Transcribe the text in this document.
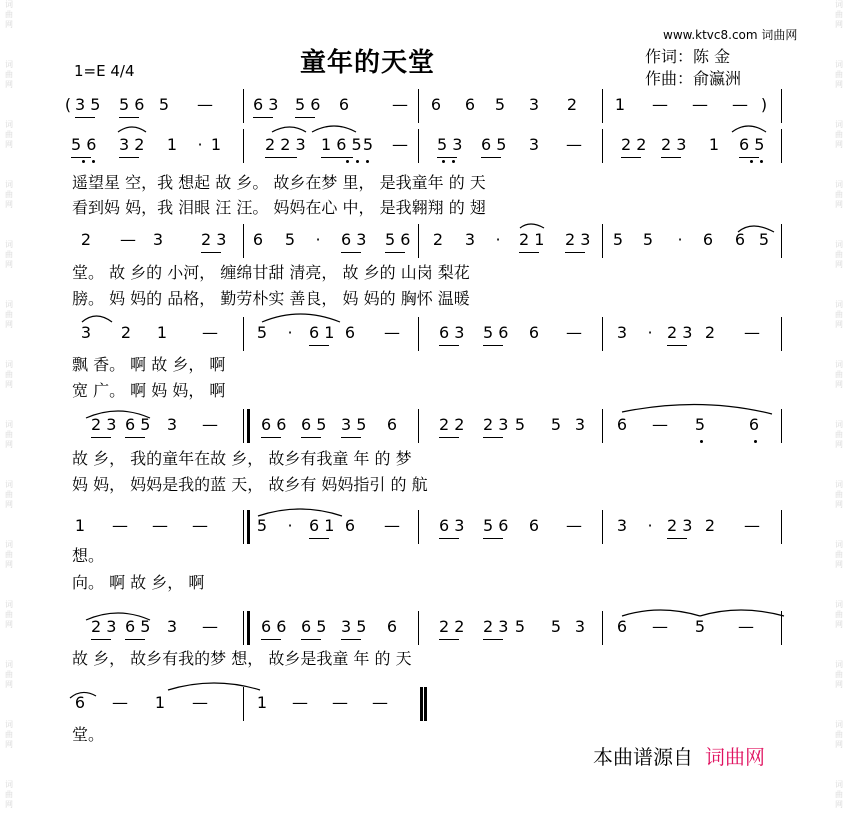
词
曲
网
词
曲
网
词
曲
网
词
曲
网
词
曲
网
词
曲
网
词
曲
网
词
曲
网
词
曲
网
词
曲
网
词
曲
网
词
曲
网
词
曲
网
词
曲
网
词
曲
网
词
曲
网
词
曲
网
词
曲
网
词
曲
网
词
曲
网
词
曲
网
词
曲
网
词
曲
网
词
曲
网
词
曲
网
词
曲
网
词
曲
网
词
曲
网
www.ktvc8.com 词曲网
童年的天堂
1=E 4/4
作词：陈 金
作曲：俞瀛洲
( 3 5 5 6 5 —	6 3 5 6 6	— 6 6 5 3 2 1 — — — )
5 6 3 2 1	· 1	2 2 3 1 6 5 5 — 5 3 6 5 3 — 2 2 2 3 1 6 5
2 — 3 2 3 6 5	·	6 3 5 6 2 3	·	2 1 2 3 5 5	·	6 6 5
3 2 1 — 5	·	6 1 6 — 6 3 5 6 6 — 3	· 2 3 2 —
2 3 6 5 3 —	6 6 6 5 3 5 6	2 2 2 3 5 5 3 6 — 5	6
1 — — —	5	·	6 1 6 — 6 3 5 6 6 — 3	· 2 3 2 —
2 3 6 5 3 —	6 6 6 5 3 5 6	2 2 2 3 5 5 3 6 — 5 —
6 — 1 —	1 — — —
遥望星 空，我 想起 故 乡。 故乡在梦 里， 是我童年 的 天
看到妈 妈，我 泪眼 汪 汪。 妈妈在心 中， 是我翱翔 的 翅
堂。 故 乡的 小河， 缠绵甘甜 清亮， 故 乡的 山岗 梨花
膀。 妈 妈的 品格， 勤劳朴实 善良， 妈 妈的 胸怀 温暖
飘 香。 啊 故 乡， 啊
宽 广。 啊 妈 妈， 啊
故 乡， 我的童年在故 乡， 故乡有我童 年 的 梦
妈 妈， 妈妈是我的蓝 天， 故乡有 妈妈指引 的 航
想。
向。 啊 故 乡， 啊
故 乡， 故乡有我的梦 想， 故乡是我童 年 的 天
堂。
本曲谱源自 词曲网
